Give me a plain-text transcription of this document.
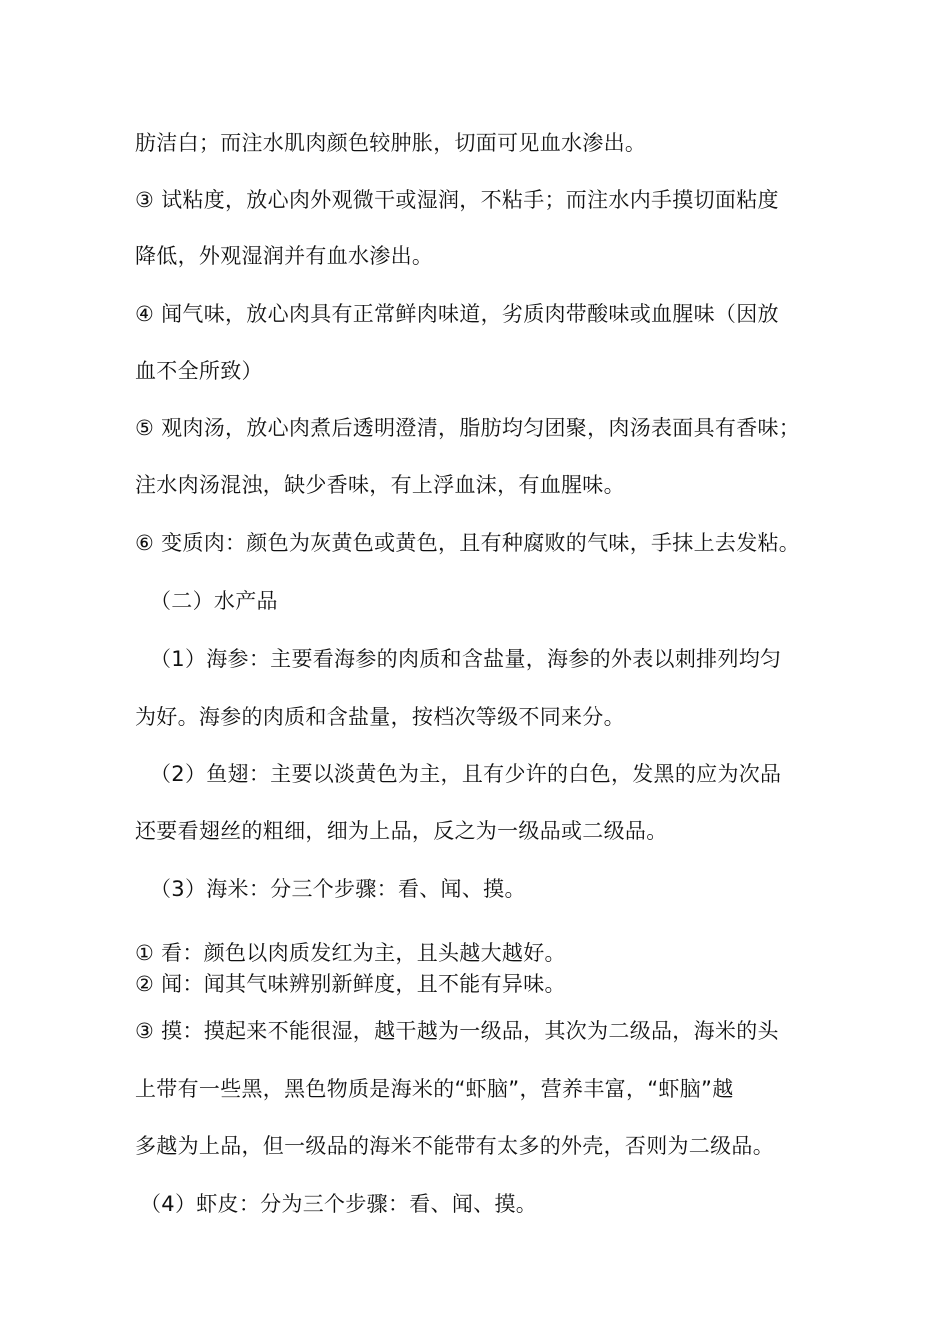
肪洁白；而注水肌肉颜色较肿胀，切面可见血水渗出。
③ 试粘度，放心肉外观微干或湿润，不粘手；而注水内手摸切面粘度
降低，外观湿润并有血水渗出。
④ 闻气味，放心肉具有正常鲜肉味道，劣质肉带酸味或血腥味（因放
血不全所致）
⑤ 观肉汤，放心肉煮后透明澄清，脂肪均匀团聚，肉汤表面具有香味；
注水肉汤混浊，缺少香味，有上浮血沫，有血腥味。
⑥ 变质肉：颜色为灰黄色或黄色，且有种腐败的气味，手抹上去发粘。
（二）水产品
（1）海参：主要看海参的肉质和含盐量，海参的外表以刺排列均匀
为好。海参的肉质和含盐量，按档次等级不同来分。
（2）鱼翅：主要以淡黄色为主，且有少许的白色，发黑的应为次品
还要看翅丝的粗细，细为上品，反之为一级品或二级品。
（3）海米：分三个步骤：看、闻、摸。
① 看：颜色以肉质发红为主，且头越大越好。
② 闻：闻其气味辨别新鲜度，且不能有异味。
③ 摸：摸起来不能很湿，越干越为一级品，其次为二级品，海米的头
上带有一些黑，黑色物质是海米的“虾脑”，营养丰富，“虾脑”越
多越为上品，但一级品的海米不能带有太多的外壳，否则为二级品。
（4）虾皮：分为三个步骤：看、闻、摸。
